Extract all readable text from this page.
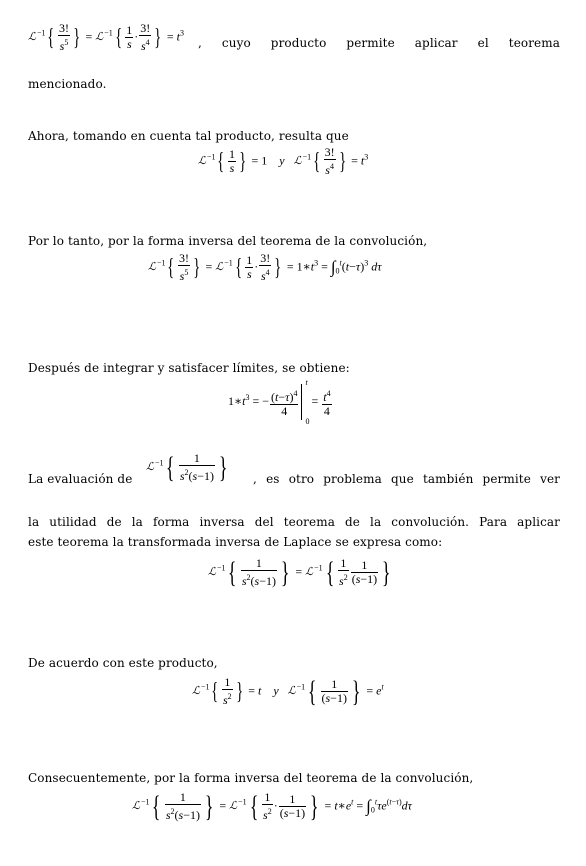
ℒ$^{-1}${ $\frac{3!}{s^5}$ } = ℒ$^{-1}${ $\frac{1}{s} \cdot \frac{3!}{s^4}$ } = $t^3$
, cuyo producto permite aplicar el teorema
mencionado.
Ahora, tomando en cuenta tal producto, resulta que
ℒ$^{-1}${ $\frac{1}{s}$ } = 1    y ℒ$^{-1}${ $\frac{3!}{s^4}$ } = $t^3$
Por lo tanto, por la forma inversa del teorema de la convolución,
ℒ$^{-1}${ $\frac{3!}{s^5}$ } = ℒ$^{-1}${ $\frac{1}{s} \cdot \frac{3!}{s^4}$ } = $1∗t^3 = \int_0^t(t-\tau)^3$ dτ
Después de integrar y satisfacer límites, se obtiene:
$1∗t^3$ = − $\frac{(t-\tau)^4}{4}$
t
0
= $\frac{t^4}{4}$
La evaluación de
ℒ$^{-1}${ $\frac{1}{s^2(s-1)}$ } , es otro problema que también permite ver
la utilidad de la forma inversa del teorema de la convolución. Para aplicar
este teorema la transformada inversa de Laplace se expresa como:
ℒ$^{-1}${ $\frac{1}{s^2(s-1)}$ } = ℒ$^{-1}${ $\frac{1}{s^2} \frac{1}{(s-1)}$ }
De acuerdo con este producto,
ℒ$^{-1}${ $\frac{1}{s^2}$ } = t y ℒ$^{-1}${ $\frac{1}{(s-1)}$ } = $e^t$
Consecuentemente, por la forma inversa del teorema de la convolución,
ℒ$^{-1}${ $\frac{1}{s^2(s-1)}$ } = ℒ$^{-1}${ $\frac{1}{s^2} \cdot \frac{1}{(s-1)}$ } = $t∗e^t = \int_0^t\tau e^{(t-\tau)}d\tau$
